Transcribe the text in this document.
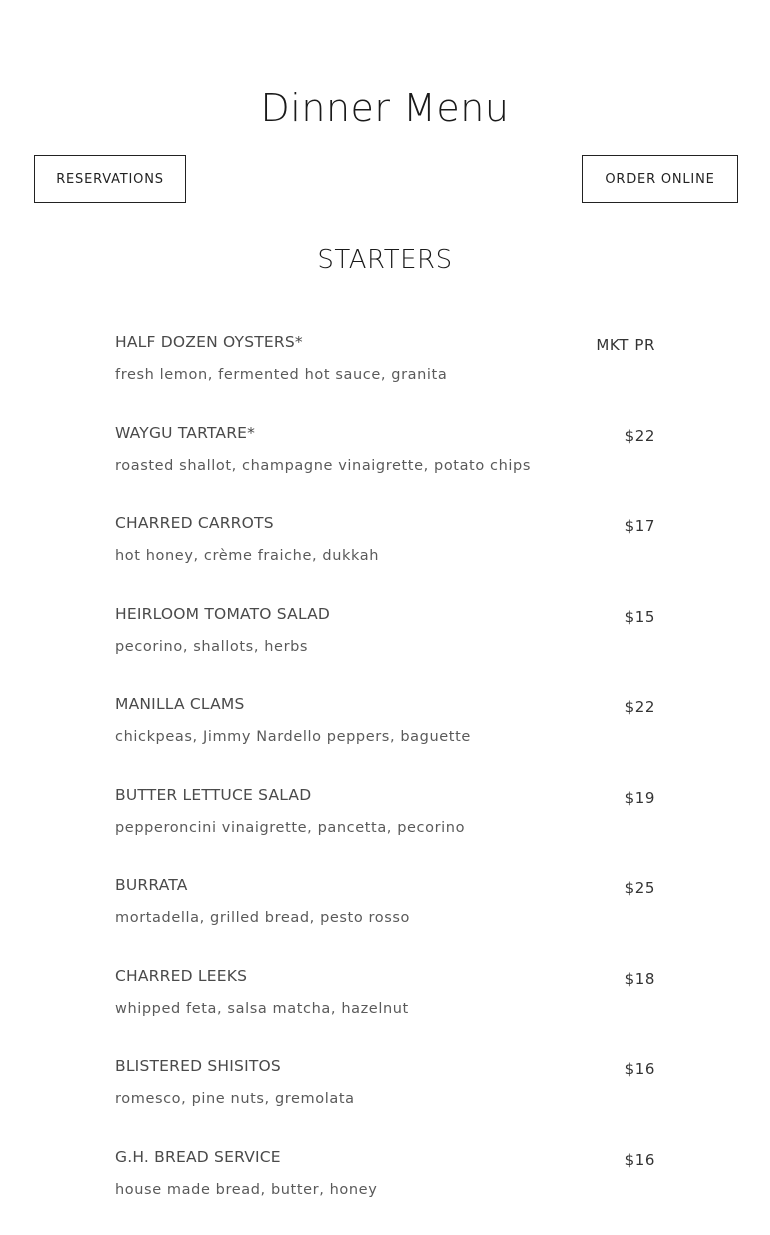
Dinner Menu
RESERVATIONS	ORDER ONLINE
STARTERS
HALF DOZEN OYSTERS*	MKT PR
fresh lemon, fermented hot sauce, granita
WAYGU TARTARE*	$22
roasted shallot, champagne vinaigrette, potato chips
CHARRED CARROTS	$17
hot honey, crème fraiche, dukkah
HEIRLOOM TOMATO SALAD	$15
pecorino, shallots, herbs
MANILLA CLAMS	$22
chickpeas, Jimmy Nardello peppers, baguette
BUTTER LETTUCE SALAD	$19
pepperoncini vinaigrette, pancetta, pecorino
BURRATA	$25
mortadella, grilled bread, pesto rosso
CHARRED LEEKS	$18
whipped feta, salsa matcha, hazelnut
BLISTERED SHISITOS	$16
romesco, pine nuts, gremolata
G.H. BREAD SERVICE	$16
house made bread, butter, honey
